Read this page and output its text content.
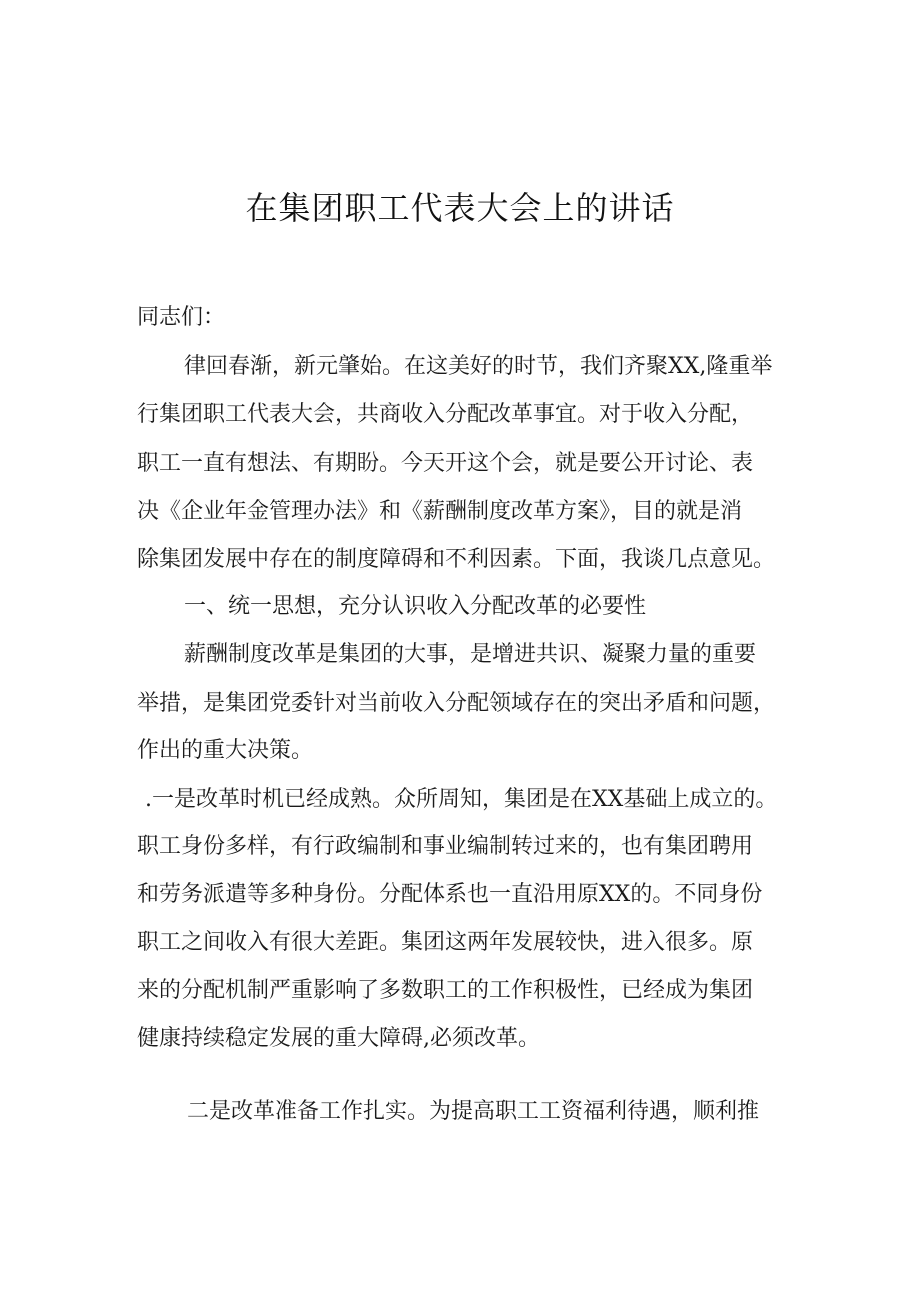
在集团职工代表大会上的讲话
同志们：
律回春渐，新元肇始。在这美好的时节，我们齐聚XX,隆重举
行集团职工代表大会，共商收入分配改革事宜。对于收入分配，
职工一直有想法、有期盼。今天开这个会，就是要公开讨论、表
决《企业年金管理办法》和《薪酬制度改革方案》，目的就是消
除集团发展中存在的制度障碍和不利因素。下面，我谈几点意见。
一、统一思想，充分认识收入分配改革的必要性
薪酬制度改革是集团的大事，是增进共识、凝聚力量的重要
举措，是集团党委针对当前收入分配领域存在的突出矛盾和问题，
作出的重大决策。
.一是改革时机已经成熟。众所周知，集团是在XX基础上成立的。
职工身份多样，有行政编制和事业编制转过来的，也有集团聘用
和劳务派遣等多种身份。分配体系也一直沿用原XX的。不同身份
职工之间收入有很大差距。集团这两年发展较快，进入很多。原
来的分配机制严重影响了多数职工的工作积极性，已经成为集团
健康持续稳定发展的重大障碍,必须改革。
二是改革准备工作扎实。为提高职工工资福利待遇，顺利推
